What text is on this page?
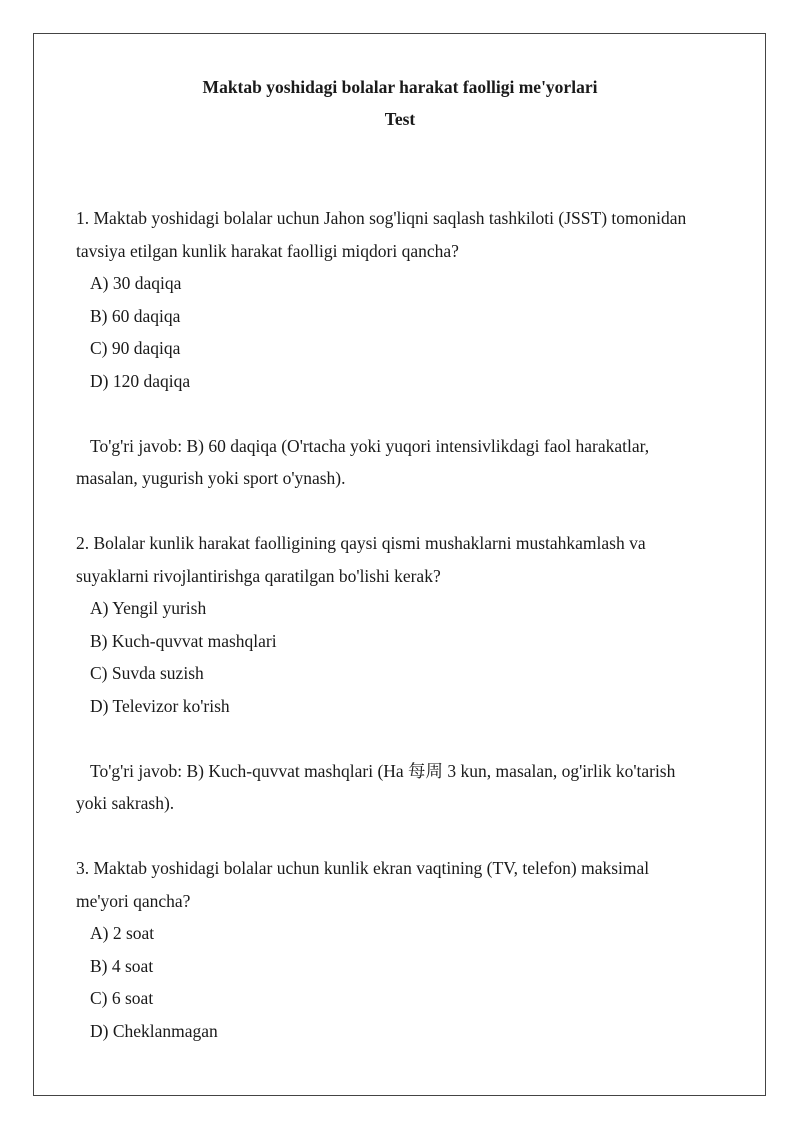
Maktab yoshidagi bolalar harakat faolligi me'yorlari
Test

1. Maktab yoshidagi bolalar uchun Jahon sog'liqni saqlash tashkiloti (JSST) tomonidan

tavsiya etilgan kunlik harakat faolligi miqdori qancha?

A) 30 daqiqa

B) 60 daqiqa

C) 90 daqiqa

D) 120 daqiqa

To'g'ri javob: B) 60 daqiqa (O'rtacha yoki yuqori intensivlikdagi faol harakatlar,

masalan, yugurish yoki sport o'ynash).

2. Bolalar kunlik harakat faolligining qaysi qismi mushaklarni mustahkamlash va

suyaklarni rivojlantirishga qaratilgan bo'lishi kerak?

A) Yengil yurish

B) Kuch-quvvat mashqlari

C) Suvda suzish

D) Televizor ko'rish

To'g'ri javob: B) Kuch-quvvat mashqlari (Ha 每周 3 kun, masalan, og'irlik ko'tarish

yoki sakrash).

3. Maktab yoshidagi bolalar uchun kunlik ekran vaqtining (TV, telefon) maksimal

me'yori qancha?

A) 2 soat

B) 4 soat

C) 6 soat

D) Cheklanmagan
